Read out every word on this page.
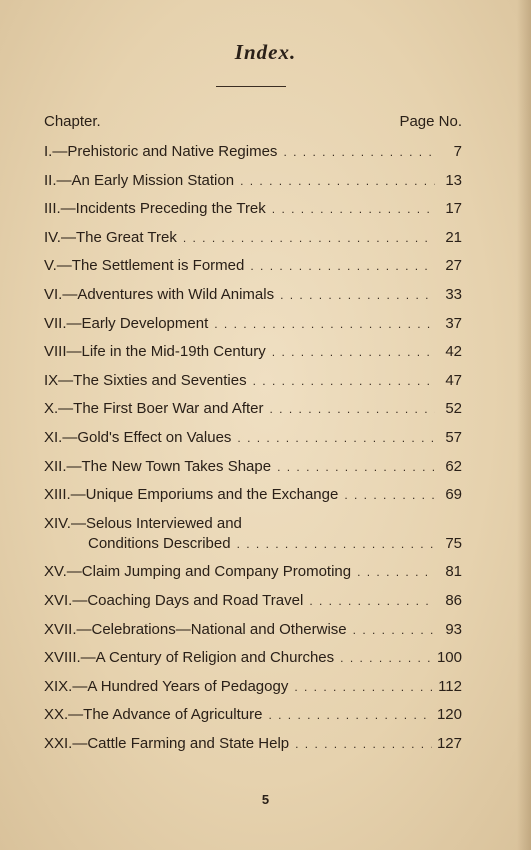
Index.
Chapter.	Page No.
I.—Prehistoric and Native Regimes . . .	7
II.—An Early Mission Station . . .	13
III.—Incidents Preceding the Trek . . .	17
IV.—The Great Trek . . .	21
V.—The Settlement is Formed . . .	27
VI.—Adventures with Wild Animals . . .	33
VII.—Early Development . . .	37
VIII—Life in the Mid-19th Century . . .	42
IX—The Sixties and Seventies . . .	47
X.—The First Boer War and After . . .	52
XI.—Gold's Effect on Values . . .	57
XII.—The New Town Takes Shape . . .	62
XIII.—Unique Emporiums and the Exchange . . .	69
XIV.—Selous Interviewed and
Conditions Described . . .	75
XV.—Claim Jumping and Company Promoting . . .	81
XVI.—Coaching Days and Road Travel . . .	86
XVII.—Celebrations—National and Otherwise . . .	93
XVIII.—A Century of Religion and Churches . . .	100
XIX.—A Hundred Years of Pedagogy . . .	112
XX.—The Advance of Agriculture . . .	120
XXI.—Cattle Farming and State Help . . .	127
5
